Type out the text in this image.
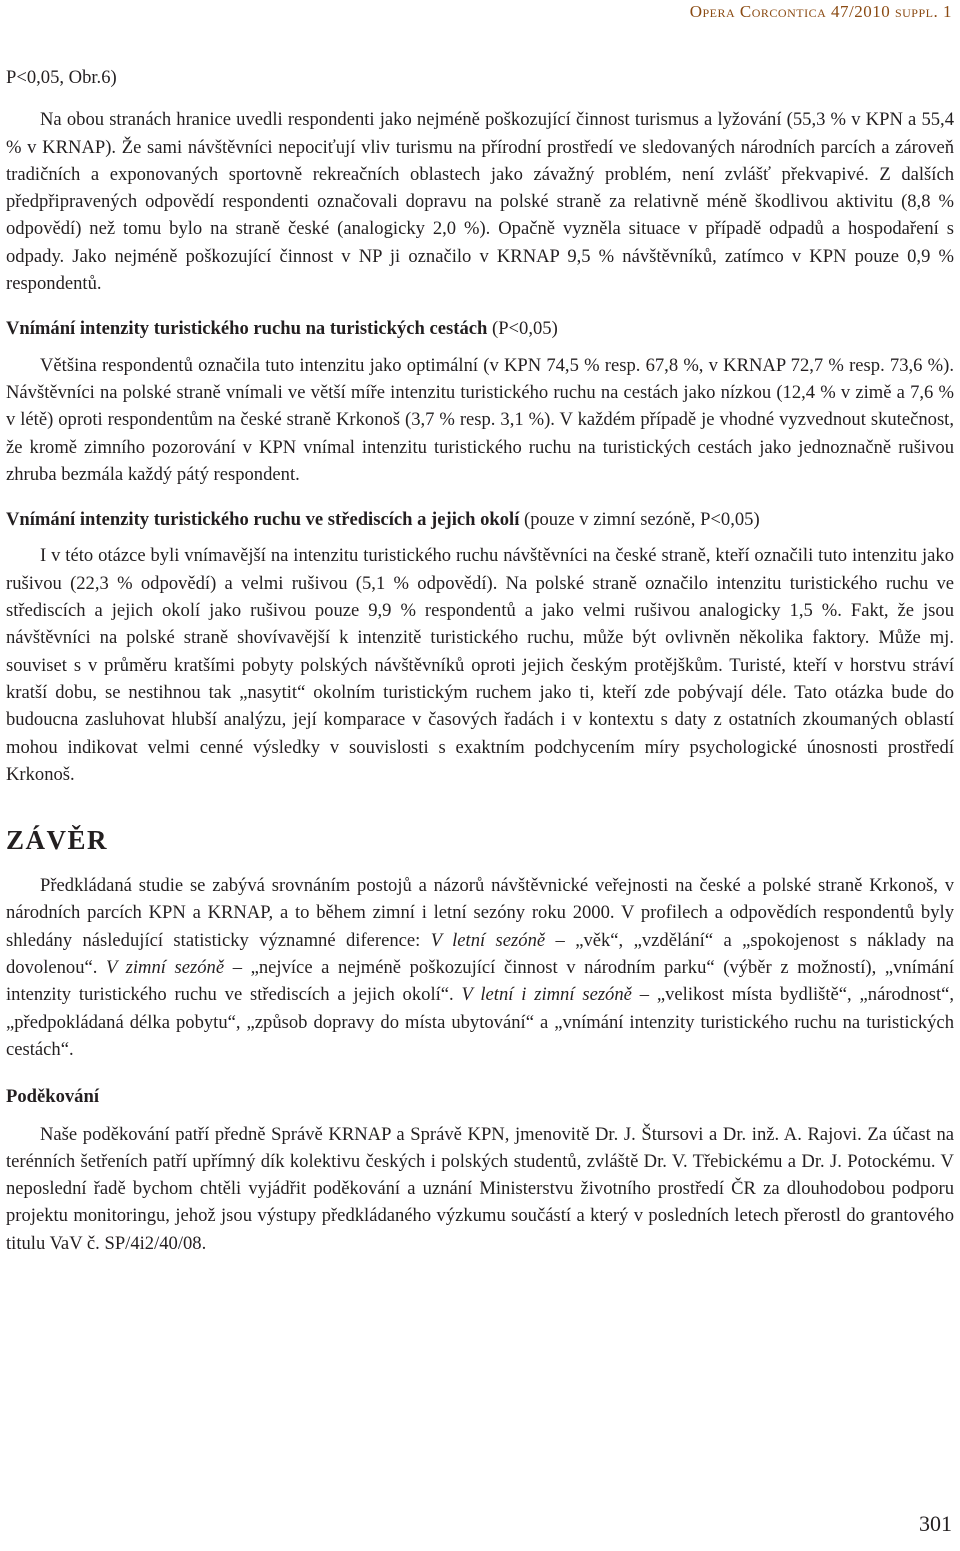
Opera Corcontica 47/2010 suppl. 1

P<0,05, Obr.6)

Na obou stranách hranice uvedli respondenti jako nejméně poškozující činnost turismus a lyžování (55,3 % v KPN a 55,4 % v KRNAP). Že sami návštěvníci nepociťují vliv turismu na přírodní prostředí ve sledovaných národních parcích a zároveň tradičních a exponovaných sportovně rekreačních oblastech jako závažný problém, není zvlášť překvapivé. Z dalších předpřipravených odpovědí respondenti označovali dopravu na polské straně za relativně méně škodlivou aktivitu (8,8 % odpovědí) než tomu bylo na straně české (analogicky 2,0 %). Opačně vyzněla situace v případě odpadů a hospodaření s odpady. Jako nejméně poškozující činnost v NP ji označilo v KRNAP 9,5 % návštěvníků, zatímco v KPN pouze 0,9 % respondentů.

Vnímání intenzity turistického ruchu na turistických cestách (P<0,05)

Většina respondentů označila tuto intenzitu jako optimální (v KPN 74,5 % resp. 67,8 %, v KRNAP 72,7 % resp. 73,6 %). Návštěvníci na polské straně vnímali ve větší míře intenzitu turistického ruchu na cestách jako nízkou (12,4 % v zimě a 7,6 % v létě) oproti respondentům na české straně Krkonoš (3,7 % resp. 3,1 %). V každém případě je vhodné vyzvednout skutečnost, že kromě zimního pozorování v KPN vnímal intenzitu turistického ruchu na turistických cestách jako jednoznačně rušivou zhruba bezmála každý pátý respondent.

Vnímání intenzity turistického ruchu ve střediscích a jejich okolí (pouze v zimní sezóně, P<0,05)

I v této otázce byli vnímavější na intenzitu turistického ruchu návštěvníci na české straně, kteří označili tuto intenzitu jako rušivou (22,3 % odpovědí) a velmi rušivou (5,1 % odpovědí). Na polské straně označilo intenzitu turistického ruchu ve střediscích a jejich okolí jako rušivou pouze 9,9 % respondentů a jako velmi rušivou analogicky 1,5 %. Fakt, že jsou návštěvníci na polské straně shovívavější k intenzitě turistického ruchu, může být ovlivněn několika faktory. Může mj. souviset s v průměru kratšími pobyty polských návštěvníků oproti jejich českým protějškům. Turisté, kteří v horstvu stráví kratší dobu, se nestihnou tak „nasytit“ okolním turistickým ruchem jako ti, kteří zde pobývají déle. Tato otázka bude do budoucna zasluhovat hlubší analýzu, její komparace v časových řadách i v kontextu s daty z ostatních zkoumaných oblastí mohou indikovat velmi cenné výsledky v souvislosti s exaktním podchycením míry psychologické únosnosti prostředí Krkonoš.

ZÁVĚR

Předkládaná studie se zabývá srovnáním postojů a názorů návštěvnické veřejnosti na české a polské straně Krkonoš, v národních parcích KPN a KRNAP, a to během zimní i letní sezóny roku 2000. V profilech a odpovědích respondentů byly shledány následující statisticky významné diference: V letní sezóně – „věk“, „vzdělání“ a „spokojenost s náklady na dovolenou“. V zimní sezóně – „nejvíce a nejméně poškozující činnost v národním parku“ (výběr z možností), „vnímání intenzity turistického ruchu ve střediscích a jejich okolí“. V letní i zimní sezóně – „velikost místa bydliště“, „národnost“, „předpokládaná délka pobytu“, „způsob dopravy do místa ubytování“ a „vnímání intenzity turistického ruchu na turistických cestách“.

Poděkování

Naše poděkování patří předně Správě KRNAP a Správě KPN, jmenovitě Dr. J. Štursovi a Dr. inž. A. Rajovi. Za účast na terénních šetřeních patří upřímný dík kolektivu českých i polských studentů, zvláště Dr. V. Třebickému a Dr. J. Potockému. V neposlední řadě bychom chtěli vyjádřit poděkování a uznání Ministerstvu životního prostředí ČR za dlouhodobou podporu projektu monitoringu, jehož jsou výstupy předkládaného výzkumu součástí a který v posledních letech přerostl do grantového titulu VaV č. SP/4i2/40/08.

301
